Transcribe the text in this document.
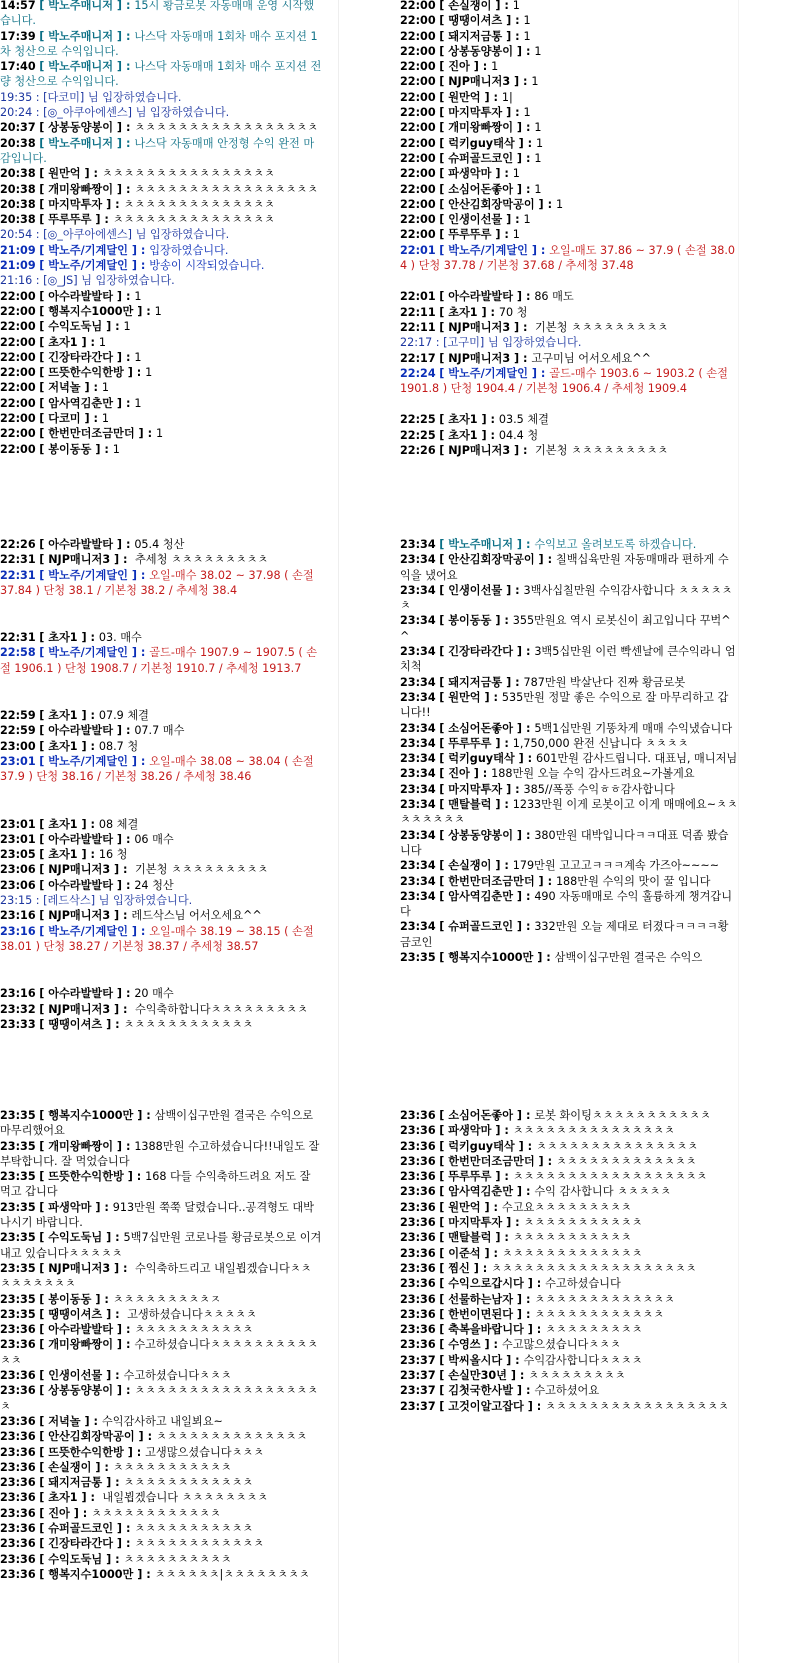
14:57 [ 박노주매니저 ] : 15시 황금로봇 자동매매 운영 시작했습니다.
17:39 [ 박노주매니저 ] : 나스닥 자동매매 1회차 매수 포지션 1차 청산으로 수익입니다.
17:40 [ 박노주매니저 ] : 나스닥 자동매매 1회차 매수 포지션 전량 청산으로 수익입니다.
19:35 : [다코미] 님 입장하였습니다.
20:24 : [◎_아쿠아에센스] 님 입장하였습니다.
20:37 [ 상봉동양봉이 ] : ㅊㅊㅊㅊㅊㅊㅊㅊㅊㅊㅊㅊㅊㅊㅊㅊㅊ
20:38 [ 박노주매니저 ] : 나스닥 자동매매 안정형 수익 완전 마감입니다.
20:38 [ 원만억 ] : ㅊㅊㅊㅊㅊㅊㅊㅊㅊㅊㅊㅊㅊㅊㅊㅊ
20:38 [ 개미왕빠짱이 ] : ㅊㅊㅊㅊㅊㅊㅊㅊㅊㅊㅊㅊㅊㅊㅊㅊㅊ
20:38 [ 마지막투자 ] : ㅊㅊㅊㅊㅊㅊㅊㅊㅊㅊㅊㅊㅊㅊ
20:38 [ 뚜루뚜루 ] : ㅊㅊㅊㅊㅊㅊㅊㅊㅊㅊㅊㅊㅊㅊㅊ
20:54 : [◎_아쿠아에센스] 님 입장하였습니다.
21:09 [ 박노주/기계달인 ] : 입장하였습니다.
21:09 [ 박노주/기계달인 ] : 방송이 시작되었습니다.
21:16 : [◎_JS] 님 입장하였습니다.
22:00 [ 아수라발발타 ] : 1
22:00 [ 행복지수1000만 ] : 1
22:00 [ 수익도둑님 ] : 1
22:00 [ 초자1 ] : 1
22:00 [ 긴장타라간다 ] : 1
22:00 [ 뜨뜻한수익한방 ] : 1
22:00 [ 저녁놀 ] : 1
22:00 [ 암사역김춘만 ] : 1
22:00 [ 다코미 ] : 1
22:00 [ 한번만더조금만더 ] : 1
22:00 [ 봉이동동 ] : 1
22:00 [ 손실쟁이 ] : 1
22:00 [ 땡땡이셔츠 ] : 1
22:00 [ 돼지저금통 ] : 1
22:00 [ 상봉동양봉이 ] : 1
22:00 [ 진아 ] : 1
22:00 [ NJP매니저3 ] : 1
22:00 [ 원만억 ] : 1|
22:00 [ 마지막투자 ] : 1
22:00 [ 개미왕빠짱이 ] : 1
22:00 [ 럭키guy태삭 ] : 1
22:00 [ 슈퍼골드코인 ] : 1
22:00 [ 파생악마 ] : 1
22:00 [ 소심어돈좋아 ] : 1
22:00 [ 안산김회장막공이 ] : 1
22:00 [ 인생이선물 ] : 1
22:00 [ 뚜루뚜루 ] : 1
22:01 [ 박노주/기계달인 ] : 오일-매도 37.86 ~ 37.9 ( 손절 38.04 ) 단청 37.78 / 기본청 37.68 / 추세청 37.48
22:01 [ 아수라발발타 ] : 86 매도
22:11 [ 초자1 ] : 70 청
22:11 [ NJP매니저3 ] :  기본청 ㅊㅊㅊㅊㅊㅊㅊㅊㅊ
22:17 : [고구미] 님 입장하였습니다.
22:17 [ NJP매니저3 ] : 고구미님 어서오세요^^
22:24 [ 박노주/기계달인 ] : 골드-매수 1903.6 ~ 1903.2 ( 손절 1901.8 ) 단청 1904.4 / 기본청 1906.4 / 추세청 1909.4
22:25 [ 초자1 ] : 03.5 체결
22:25 [ 초자1 ] : 04.4 청
22:26 [ NJP매니저3 ] :  기본청 ㅊㅊㅊㅊㅊㅊㅊㅊㅊ
22:26 [ 아수라발발타 ] : 05.4 청산
22:31 [ NJP매니저3 ] :  추세청 ㅊㅊㅊㅊㅊㅊㅊㅊㅊ
22:31 [ 박노주/기계달인 ] : 오일-매수 38.02 ~ 37.98 ( 손절 37.84 ) 단청 38.1 / 기본청 38.2 / 추세청 38.4
22:31 [ 초자1 ] : 03. 매수
22:58 [ 박노주/기계달인 ] : 골드-매수 1907.9 ~ 1907.5 ( 손절 1906.1 ) 단청 1908.7 / 기본청 1910.7 / 추세청 1913.7
22:59 [ 초자1 ] : 07.9 체결
22:59 [ 아수라발발타 ] : 07.7 매수
23:00 [ 초자1 ] : 08.7 청
23:01 [ 박노주/기계달인 ] : 오일-매수 38.08 ~ 38.04 ( 손절 37.9 ) 단청 38.16 / 기본청 38.26 / 추세청 38.46
23:01 [ 초자1 ] : 08 체결
23:01 [ 아수라발발타 ] : 06 매수
23:05 [ 초자1 ] : 16 청
23:06 [ NJP매니저3 ] :  기본청 ㅊㅊㅊㅊㅊㅊㅊㅊㅊ
23:06 [ 아수라발발타 ] : 24 청산
23:15 : [레드삭스] 님 입장하였습니다.
23:16 [ NJP매니저3 ] : 레드삭스님 어서오세요^^
23:16 [ 박노주/기계달인 ] : 오일-매수 38.19 ~ 38.15 ( 손절 38.01 ) 단청 38.27 / 기본청 38.37 / 추세청 38.57
23:16 [ 아수라발발타 ] : 20 매수
23:32 [ NJP매니저3 ] :  수익축하합니다ㅊㅊㅊㅊㅊㅊㅊㅊㅊ
23:33 [ 땡땡이셔츠 ] : ㅊㅊㅊㅊㅊㅊㅊㅊㅊㅊㅊㅊ
23:34 [ 박노주매니저 ] : 수익보고 올려보도록 하겠습니다.
23:34 [ 안산김회장막공이 ] : 칠백십육만원 자동매매라 편하게 수익을 냈어요
23:34 [ 인생이선물 ] : 3백사십칠만원 수익감사합니다 ㅊㅊㅊㅊㅊㅊ
23:34 [ 봉이동동 ] : 355만원요 역시 로봇신이 최고입니다 꾸벅^^
23:34 [ 긴장타라간다 ] : 3백5십만원 이런 빡센날에 큰수익라니 엄치척
23:34 [ 돼지저금통 ] : 787만원 박살난다 진짜 황금로봇
23:34 [ 원만억 ] : 535만원 정말 좋은 수익으로 잘 마무리하고 갑니다!!
23:34 [ 소심어돈좋아 ] : 5백1십만원 기똥차게 매매 수익냈습니다
23:34 [ 뚜루뚜루 ] : 1,750,000 완전 신납니다 ㅊㅊㅊㅊ
23:34 [ 럭키guy태삭 ] : 601만원 감사드립니다. 대표님, 매니저님
23:34 [ 진아 ] : 188만원 오늘 수익 감사드려요~가볼게요
23:34 [ 마지막투자 ] : 385//폭풍 수익ㅎㅎ감사합니다
23:34 [ 맨탈블럭 ] : 1233만원 이게 로봇이고 이게 매매에요~ㅊㅊㅊㅊㅊㅊㅊㅊ
23:34 [ 상봉동양봉이 ] : 380만원 대박입니다ㅋㅋ대표 덕좀 봤습니다
23:34 [ 손실쟁이 ] : 179만원 고고고ㅋㅋㅋ계속 가즈아~~~~
23:34 [ 한번만더조금만더 ] : 188만원 수익의 맛이 꿀 입니다
23:34 [ 암사역김춘만 ] : 490 자동매매로 수익 훌륭하게 챙겨갑니다
23:34 [ 슈퍼골드코인 ] : 332만원 오늘 제대로 터졌다ㅋㅋㅋㅋ황금코인
23:35 [ 행복지수1000만 ] : 삼백이십구만원 결국은 수익으
23:35 [ 행복지수1000만 ] : 삼백이십구만원 결국은 수익으로 마무리했어요
23:35 [ 개미왕빠짱이 ] : 1388만원 수고하셨습니다!!내일도 잘 부탁합니다. 잘 먹었습니다
23:35 [ 뜨뜻한수익한방 ] : 168 다들 수익축하드려요 저도 잘 먹고 갑니다
23:35 [ 파생악마 ] : 913만원 쭉쭉 달렸습니다..공격형도 대박나시기 바랍니다.
23:35 [ 수익도둑님 ] : 5백7십만원 코로나를 황금로봇으로 이겨내고 있습니다ㅊㅊㅊㅊㅊ
23:35 [ NJP매니저3 ] :  수익축하드리고 내일뵙겠습니다ㅊㅊㅊㅊㅊㅊㅊㅊㅊ
23:35 [ 봉이동동 ] : ㅊㅊㅊㅊㅊㅊㅊㅊㅊㅈ
23:35 [ 땡땡이셔츠 ] :  고생하셨습니다ㅊㅊㅊㅊㅊ
23:36 [ 아수라발발타 ] : ㅊㅊㅊㅊㅊㅊㅊㅊㅊㅊㅊ
23:36 [ 개미왕빠짱이 ] : 수고하셨습니다ㅊㅊㅊㅊㅊㅊㅊㅊㅊㅊㅊㅊ
23:36 [ 인생이선물 ] : 수고하셨습니다ㅊㅊㅊ
23:36 [ 상봉동양봉이 ] : ㅊㅊㅊㅊㅊㅊㅊㅊㅊㅊㅊㅊㅊㅊㅊㅊㅊㅊ
23:36 [ 저녁놀 ] : 수익감사하고 내일뵈요~
23:36 [ 안산김회장막공이 ] : ㅊㅊㅊㅊㅊㅊㅊㅊㅊㅊㅊㅊㅊㅊ
23:36 [ 뜨뜻한수익한방 ] : 고생많으셨습니다ㅊㅊㅊ
23:36 [ 손실쟁이 ] : ㅊㅊㅊㅊㅊㅊㅊㅊㅊㅊㅊ
23:36 [ 돼지저금통 ] : ㅊㅊㅊㅊㅊㅊㅊㅊㅊㅊㅊㅊ
23:36 [ 초자1 ] :  내일뵙겠습니다 ㅊㅊㅊㅊㅊㅊㅊㅊ
23:36 [ 진아 ] : ㅊㅊㅊㅊㅊㅊㅊㅊㅊㅊㅊㅊ
23:36 [ 슈퍼골드코인 ] : ㅊㅊㅊㅊㅊㅊㅊㅊㅊㅊㅊ
23:36 [ 긴장타라간다 ] : ㅊㅊㅊㅊㅊㅊㅊㅊㅊㅊㅊㅊ
23:36 [ 수익도둑님 ] : ㅊㅊㅊㅊㅊㅊㅊㅊㅊㅊ
23:36 [ 행복지수1000만 ] : ㅊㅊㅊㅊㅊㅊ|ㅊㅊㅊㅊㅊㅊㅊㅊ
23:36 [ 소심어돈좋아 ] : 로봇 화이팅ㅊㅊㅊㅊㅊㅊㅊㅊㅊㅊㅊ
23:36 [ 파생악마 ] : ㅊㅊㅊㅊㅊㅊㅊㅊㅊㅊㅊㅊㅊㅊㅊ
23:36 [ 럭키guy태삭 ] : ㅊㅊㅊㅊㅊㅊㅊㅊㅊㅊㅊㅊㅊㅊㅊ
23:36 [ 한번만더조금만더 ] : ㅊㅊㅊㅊㅊㅊㅊㅊㅊㅊㅊㅊㅊ
23:36 [ 뚜루뚜루 ] : ㅊㅊㅊㅊㅊㅊㅊㅊㅊㅊㅊㅊㅊㅊㅊㅊㅊㅊ
23:36 [ 암사역김춘만 ] : 수익 감사합니다 ㅊㅊㅊㅊㅊ
23:36 [ 원만억 ] : 수고요ㅊㅊㅊㅊㅊㅊㅊㅊㅊ
23:36 [ 마지막투자 ] : ㅊㅊㅊㅊㅊㅊㅊㅊㅊㅊㅊ
23:36 [ 맨탈블럭 ] : ㅊㅊㅊㅊㅊㅊㅊㅊㅊㅊㅊ
23:36 [ 이준석 ] : ㅊㅊㅊㅊㅊㅊㅊㅊㅊㅊㅊㅊㅊ
23:36 [ 찜신 ] : ㅊㅊㅊㅊㅊㅊㅊㅊㅊㅊㅊㅊㅊㅊㅊㅊㅊㅊㅊ
23:36 [ 수익으로갑시다 ] : 수고하셨습니다
23:36 [ 선물하는남자 ] : ㅊㅊㅊㅊㅊㅊㅊㅊㅊㅊㅊㅊㅊ
23:36 [ 한번이면된다 ] : ㅊㅊㅊㅊㅊㅊㅊㅊㅊㅊㅊㅊ
23:36 [ 축복을바랍니다 ] : ㅊㅊㅊㅊㅊㅊㅊㅊㅊ
23:36 [ 수영쓰 ] : 수고많으셨습니다ㅊㅊㅊ
23:37 [ 박씨올시다 ] : 수익감사합니다ㅊㅊㅊㅊ
23:37 [ 손실만30년 ] : ㅊㅊㅊㅊㅊㅊㅊㅊㅊ
23:37 [ 김첫국한사발 ] : 수고하셨어요
23:37 [ 고것이알고잡다 ] : ㅊㅊㅊㅊㅊㅊㅊㅊㅊㅊㅊㅊㅊㅊㅊㅊㅊ
